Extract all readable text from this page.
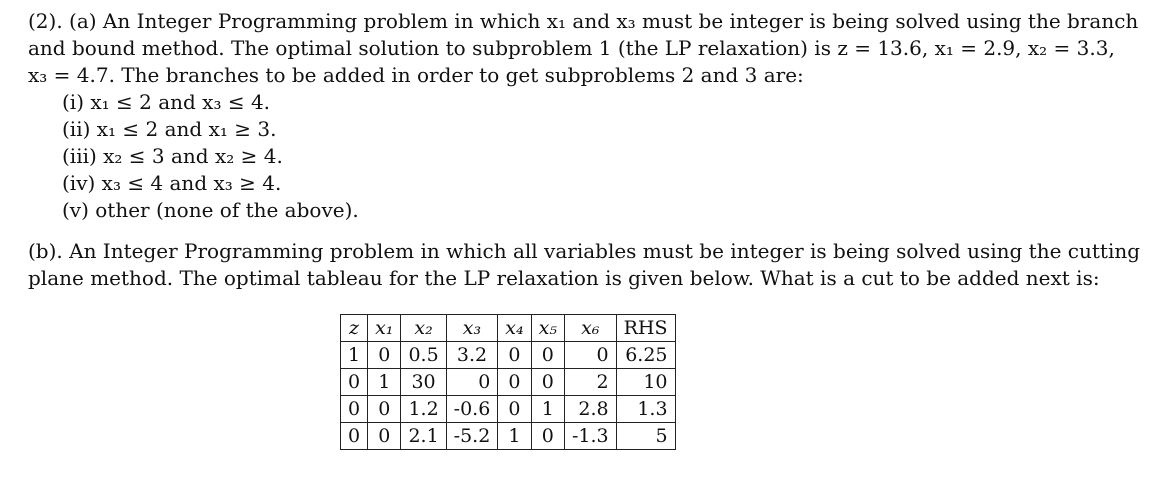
(2). (a) An Integer Programming problem in which x₁ and x₃ must be integer is being solved using the branch
and bound method. The optimal solution to subproblem 1 (the LP relaxation) is z = 13.6, x₁ = 2.9, x₂ = 3.3,
x₃ = 4.7. The branches to be added in order to get subproblems 2 and 3 are:
(i) x₁ ≤ 2 and x₃ ≤ 4.
(ii) x₁ ≤ 2 and x₁ ≥ 3.
(iii) x₂ ≤ 3 and x₂ ≥ 4.
(iv) x₃ ≤ 4 and x₃ ≥ 4.
(v) other (none of the above).
(b). An Integer Programming problem in which all variables must be integer is being solved using the cutting
plane method. The optimal tableau for the LP relaxation is given below. What is a cut to be added next is:
z	x₁	x₂	x₃	x₄	x₅	x₆	RHS
1	0	0.5	3.2	0	0	0	6.25
0	1	30	0	0	0	2	10
0	0	1.2	-0.6	0	1	2.8	1.3
0	0	2.1	-5.2	1	0	-1.3	5
